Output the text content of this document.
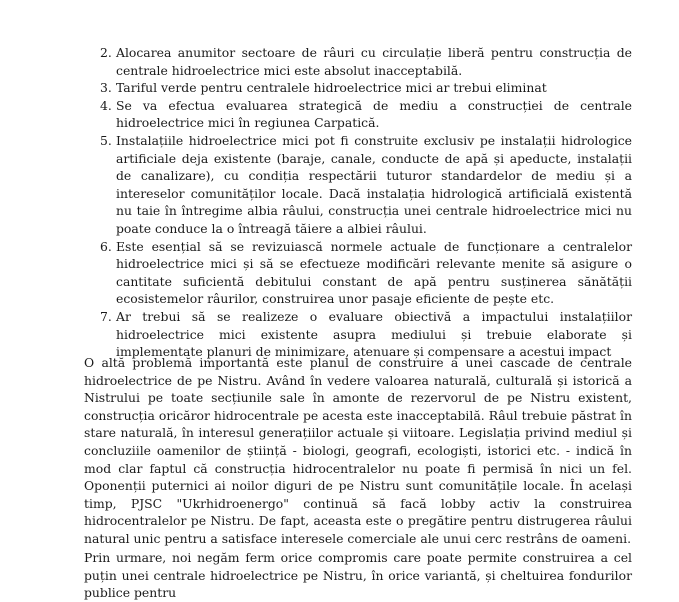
2. Alocarea anumitor sectoare de râuri cu circulație liberă pentru construcția de centrale hidroelectrice mici este absolut inacceptabilă.
3. Tariful verde pentru centralele hidroelectrice mici ar trebui eliminat
4. Se va efectua evaluarea strategică de mediu a construcției de centrale hidroelectrice mici în regiunea Carpatică.
5. Instalațiile hidroelectrice mici pot fi construite exclusiv pe instalații hidrologice artificiale deja existente (baraje, canale, conducte de apă și apeducte, instalații de canalizare), cu condiția respectării tuturor standardelor de mediu și a intereselor comunităților locale. Dacă instalația hidrologică artificială existentă nu taie în întregime albia râului, construcția unei centrale hidroelectrice mici nu poate conduce la o întreagă tăiere a albiei râului.
6. Este esențial să se revizuiască normele actuale de funcționare a centralelor hidroelectrice mici și să se efectueze modificări relevante menite să asigure o cantitate suficientă debitului constant de apă pentru susținerea sănătății ecosistemelor râurilor, construirea unor pasaje eficiente de pește etc.
7. Ar trebui să se realizeze o evaluare obiectivă a impactului instalațiilor hidroelectrice mici existente asupra mediului și trebuie elaborate și implementate planuri de minimizare, atenuare și compensare a acestui impact

O altă problemă importantă este planul de construire a unei cascade de centrale hidroelectrice de pe Nistru. Având în vedere valoarea naturală, culturală și istorică a Nistrului pe toate secțiunile sale în amonte de rezervorul de pe Nistru existent, construcția oricăror hidrocentrale pe acesta este inacceptabilă. Râul trebuie păstrat în stare naturală, în interesul generațiilor actuale și viitoare. Legislația privind mediul și concluziile oamenilor de știință - biologi, geografi, ecologiști, istorici etc. - indică în mod clar faptul că construcția hidrocentralelor nu poate fi permisă în nici un fel. Oponenții puternici ai noilor diguri de pe Nistru sunt comunitățile locale. În același timp, PJSC "Ukrhidroenergo" continuă să facă lobby activ la construirea hidrocentralelor pe Nistru. De fapt, aceasta este o pregătire pentru distrugerea râului natural unic pentru a satisface interesele comerciale ale unui cerc restrâns de oameni.

Prin urmare, noi negăm ferm orice compromis care poate permite construirea a cel puțin unei centrale hidroelectrice pe Nistru, în orice variantă, și cheltuirea fondurilor publice pentru
